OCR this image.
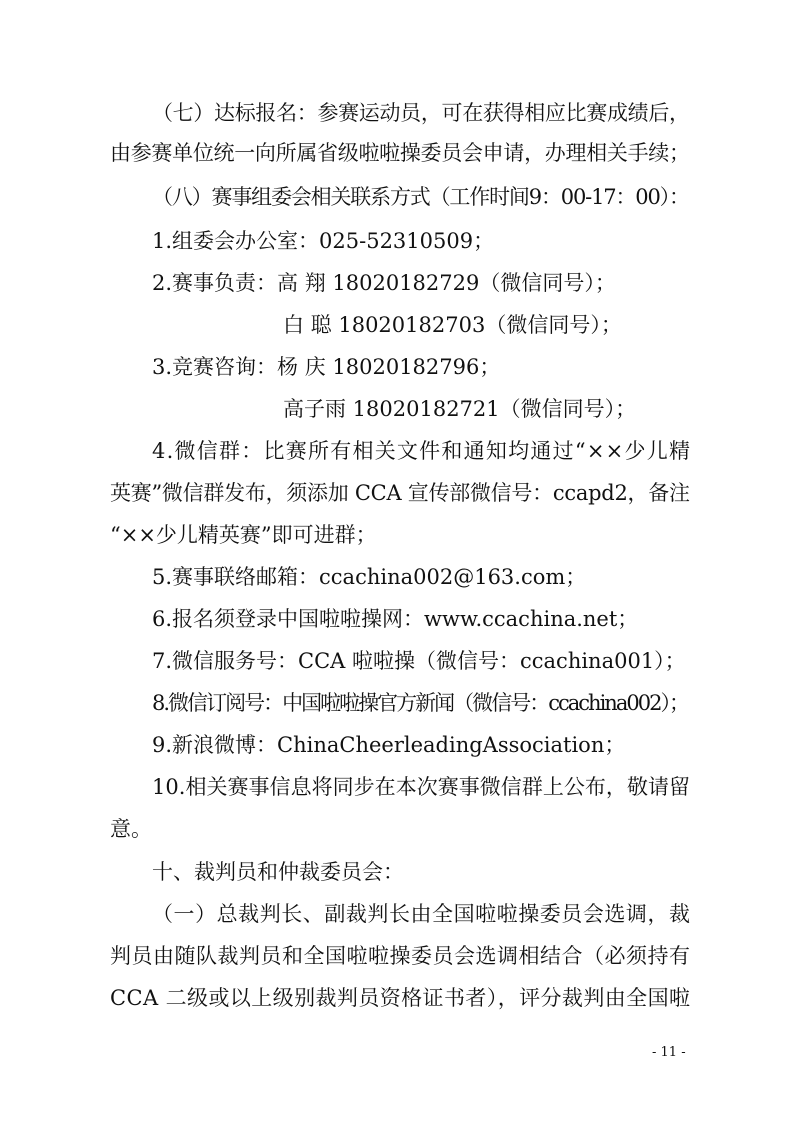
（七）达标报名：参赛运动员，可在获得相应比赛成绩后，
由参赛单位统一向所属省级啦啦操委员会申请，办理相关手续；
（八）赛事组委会相关联系方式（工作时间9：00-17：00）：
1.组委会办公室：025-52310509；
2.赛事负责：高 翔 18020182729（微信同号）；
白 聪 18020182703（微信同号）；
3.竞赛咨询：杨 庆 18020182796；
高子雨 18020182721（微信同号）；
4.微信群：比赛所有相关文件和通知均通过“××少儿精
英赛”微信群发布，须添加 CCA 宣传部微信号：ccapd2，备注
“××少儿精英赛”即可进群；
5.赛事联络邮箱：ccachina002@163.com；
6.报名须登录中国啦啦操网：www.ccachina.net；
7.微信服务号：CCA 啦啦操（微信号：ccachina001）；
8.微信订阅号：中国啦啦操官方新闻（微信号：ccachina002）；
9.新浪微博：ChinaCheerleadingAssociation；
10.相关赛事信息将同步在本次赛事微信群上公布，敬请留
意。
十、裁判员和仲裁委员会：
（一）总裁判长、副裁判长由全国啦啦操委员会选调，裁
判员由随队裁判员和全国啦啦操委员会选调相结合（必须持有
CCA 二级或以上级别裁判员资格证书者），评分裁判由全国啦
- 11 -
